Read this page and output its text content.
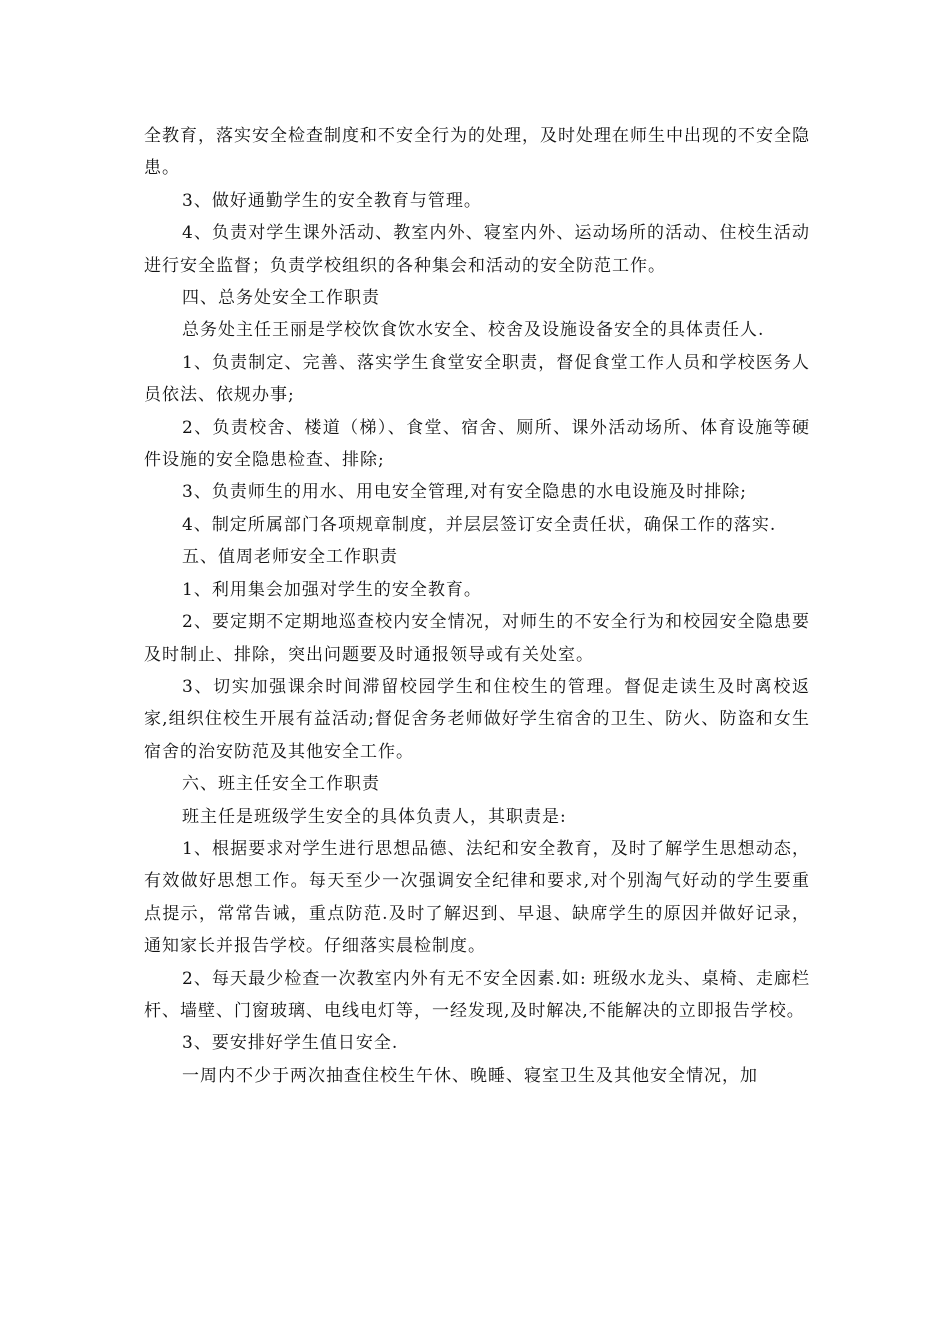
全教育，落实安全检查制度和不安全行为的处理，及时处理在师生中出现的不安全隐患。

3、做好通勤学生的安全教育与管理。

4、负责对学生课外活动、教室内外、寝室内外、运动场所的活动、住校生活动进行安全监督；负责学校组织的各种集会和活动的安全防范工作。

四、总务处安全工作职责

总务处主任王丽是学校饮食饮水安全、校舍及设施设备安全的具体责任人.

1、负责制定、完善、落实学生食堂安全职责，督促食堂工作人员和学校医务人员依法、依规办事;

2、负责校舍、楼道（梯）、食堂、宿舍、厕所、课外活动场所、体育设施等硬件设施的安全隐患检查、排除;

3、负责师生的用水、用电安全管理,对有安全隐患的水电设施及时排除;

4、制定所属部门各项规章制度，并层层签订安全责任状，确保工作的落实.

五、值周老师安全工作职责

1、利用集会加强对学生的安全教育。

2、要定期不定期地巡查校内安全情况，对师生的不安全行为和校园安全隐患要及时制止、排除，突出问题要及时通报领导或有关处室。

3、切实加强课余时间滞留校园学生和住校生的管理。督促走读生及时离校返家,组织住校生开展有益活动;督促舍务老师做好学生宿舍的卫生、防火、防盗和女生宿舍的治安防范及其他安全工作。

六、班主任安全工作职责

班主任是班级学生安全的具体负责人，其职责是:

1、根据要求对学生进行思想品德、法纪和安全教育，及时了解学生思想动态，有效做好思想工作。每天至少一次强调安全纪律和要求,对个别淘气好动的学生要重点提示，常常告诫，重点防范.及时了解迟到、早退、缺席学生的原因并做好记录，通知家长并报告学校。仔细落实晨检制度。

2、每天最少检查一次教室内外有无不安全因素.如: 班级水龙头、桌椅、走廊栏杆、墙壁、门窗玻璃、电线电灯等，一经发现,及时解决,不能解决的立即报告学校。

3、要安排好学生值日安全.

一周内不少于两次抽查住校生午休、晚睡、寝室卫生及其他安全情况，加
